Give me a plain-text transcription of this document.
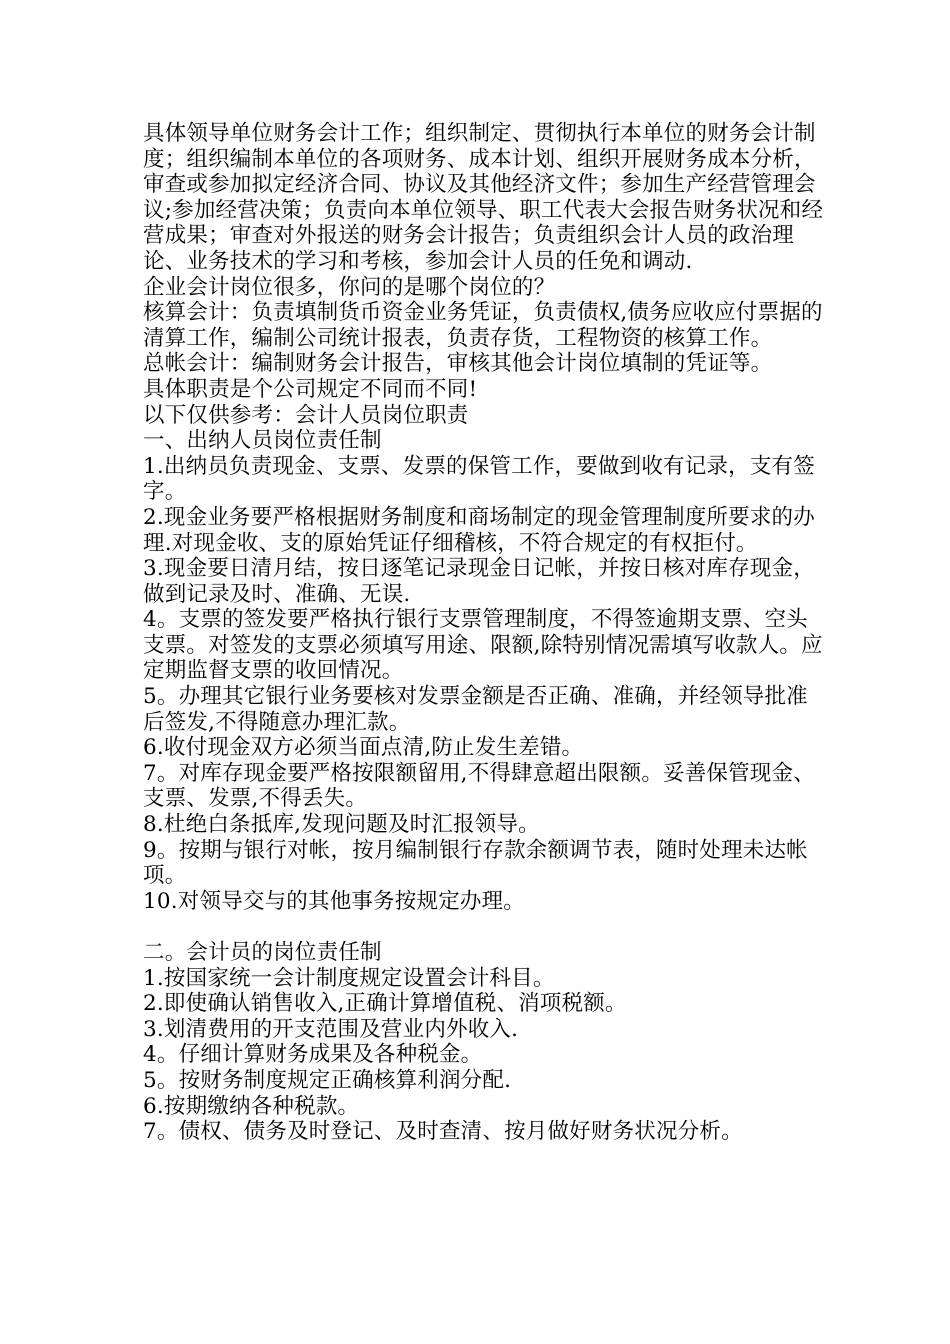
具体领导单位财务会计工作；组织制定、贯彻执行本单位的财务会计制度；组织编制本单位的各项财务、成本计划、组织开展财务成本分析，审查或参加拟定经济合同、协议及其他经济文件；参加生产经营管理会议;参加经营决策；负责向本单位领导、职工代表大会报告财务状况和经营成果；审查对外报送的财务会计报告；负责组织会计人员的政治理论、业务技术的学习和考核，参加会计人员的任免和调动.

企业会计岗位很多，你问的是哪个岗位的？

核算会计：负责填制货币资金业务凭证，负责债权,债务应收应付票据的清算工作，编制公司统计报表，负责存货，工程物资的核算工作。

总帐会计：编制财务会计报告，审核其他会计岗位填制的凭证等。

具体职责是个公司规定不同而不同!

以下仅供参考：会计人员岗位职责

一、出纳人员岗位责任制

1.出纳员负责现金、支票、发票的保管工作，要做到收有记录，支有签字。

2.现金业务要严格根据财务制度和商场制定的现金管理制度所要求的办理.对现金收、支的原始凭证仔细稽核，不符合规定的有权拒付。

3.现金要日清月结，按日逐笔记录现金日记帐，并按日核对库存现金，做到记录及时、准确、无误.

4。支票的签发要严格执行银行支票管理制度，不得签逾期支票、空头支票。对签发的支票必须填写用途、限额,除特别情况需填写收款人。应定期监督支票的收回情况。

5。办理其它银行业务要核对发票金额是否正确、准确，并经领导批准后签发,不得随意办理汇款。

6.收付现金双方必须当面点清,防止发生差错。

7。对库存现金要严格按限额留用,不得肆意超出限额。妥善保管现金、支票、发票,不得丢失。

8.杜绝白条抵库,发现问题及时汇报领导。

9。按期与银行对帐，按月编制银行存款余额调节表，随时处理未达帐项。

10.对领导交与的其他事务按规定办理。

二。会计员的岗位责任制

1.按国家统一会计制度规定设置会计科目。

2.即使确认销售收入,正确计算增值税、消项税额。

3.划清费用的开支范围及营业内外收入.

4。仔细计算财务成果及各种税金。

5。按财务制度规定正确核算利润分配.

6.按期缴纳各种税款。

7。债权、债务及时登记、及时查清、按月做好财务状况分析。
